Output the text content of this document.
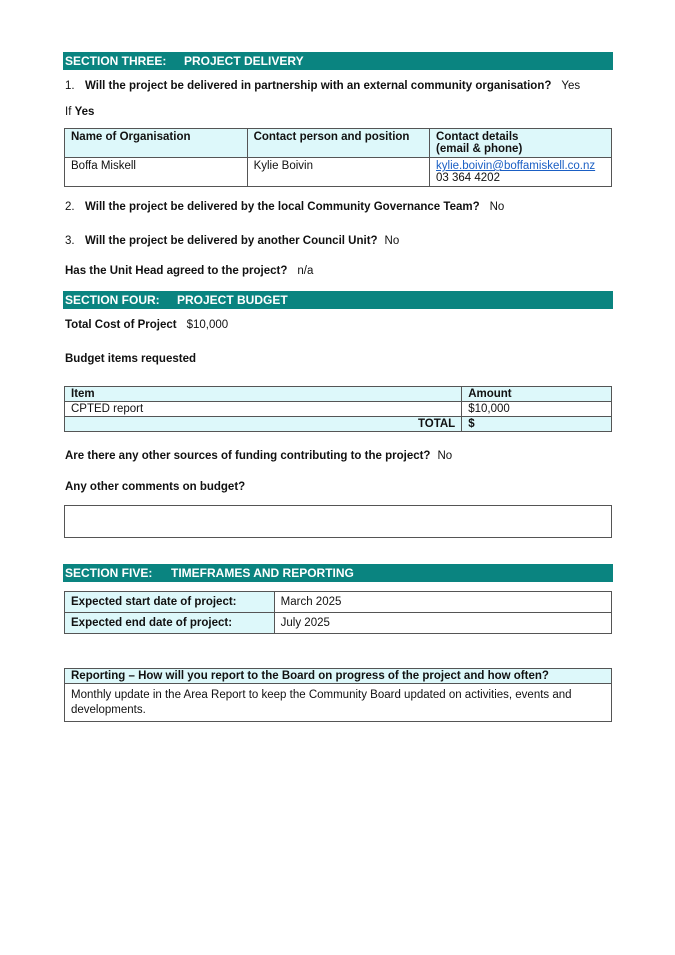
SECTION THREE: PROJECT DELIVERY
1. Will the project be delivered in partnership with an external community organisation? Yes
If Yes
Name of Organisation	Contact person and position	Contact details
(email & phone)

Boffa Miskell	Kylie Boivin	kylie.boivin@boffamiskell.co.nz
03 364 4202
2. Will the project be delivered by the local Community Governance Team? No
3. Will the project be delivered by another Council Unit? No
Has the Unit Head agreed to the project? n/a
SECTION FOUR: PROJECT BUDGET
Total Cost of Project $10,000
Budget items requested
Item	Amount
CPTED report	$10,000
TOTAL	$
Are there any other sources of funding contributing to the project? No
Any other comments on budget?
SECTION FIVE: TIMEFRAMES AND REPORTING
Expected start date of project:	March 2025
Expected end date of project:	July 2025
Reporting – How will you report to the Board on progress of the project and how often?
Monthly update in the Area Report to keep the Community Board updated on activities, events and developments.
